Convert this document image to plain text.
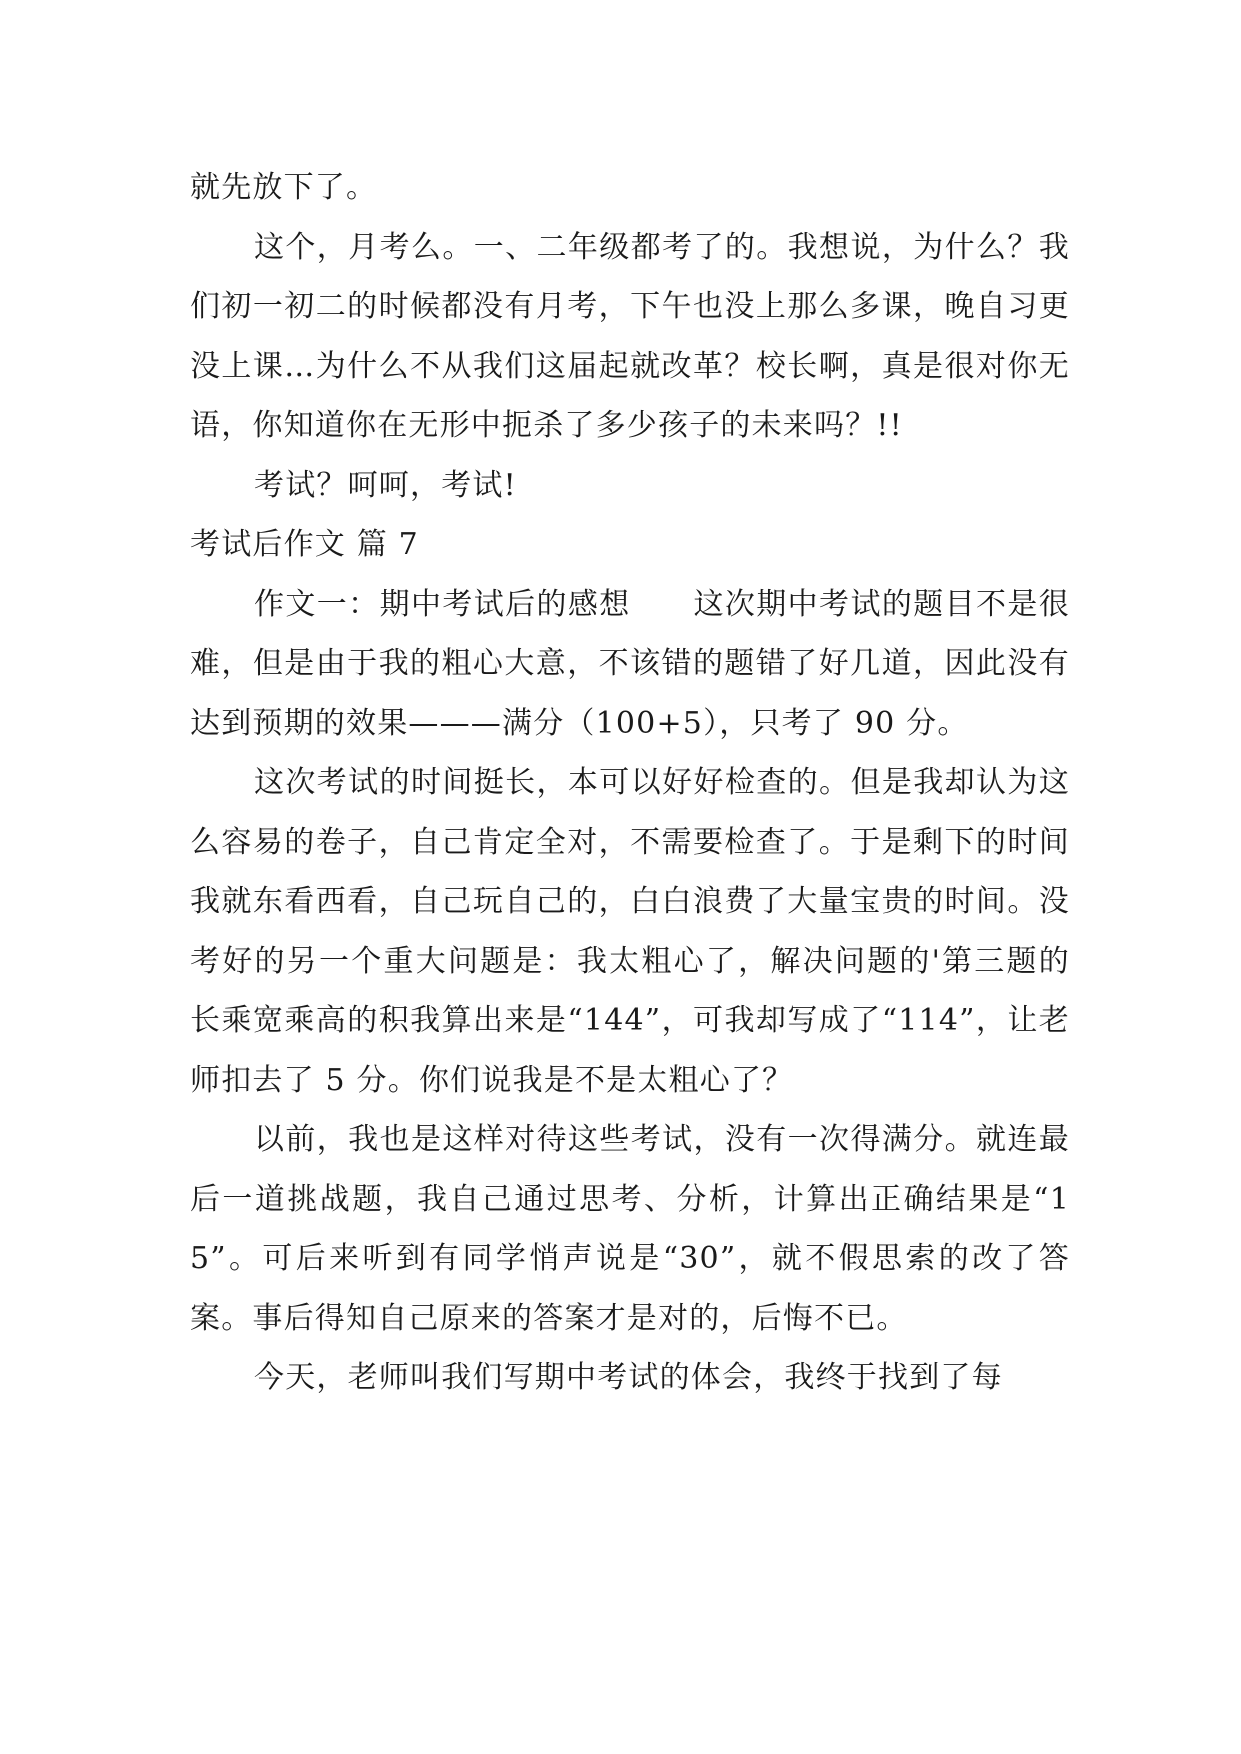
就先放下了。

这个，月考么。一、二年级都考了的。我想说，为什么？我们初一初二的时候都没有月考，下午也没上那么多课，晚自习更没上课…为什么不从我们这届起就改革？校长啊，真是很对你无语，你知道你在无形中扼杀了多少孩子的未来吗？!!

考试？呵呵，考试!

考试后作文 篇 7

作文一：期中考试后的感想　　这次期中考试的题目不是很难，但是由于我的粗心大意，不该错的题错了好几道，因此没有达到预期的效果———满分（100+5），只考了 90 分。

这次考试的时间挺长，本可以好好检查的。但是我却认为这么容易的卷子，自己肯定全对，不需要检查了。于是剩下的时间我就东看西看，自己玩自己的，白白浪费了大量宝贵的时间。没考好的另一个重大问题是：我太粗心了，解决问题的'第三题的长乘宽乘高的积我算出来是“144”，可我却写成了“114”，让老师扣去了 5 分。你们说我是不是太粗心了？

以前，我也是这样对待这些考试，没有一次得满分。就连最后一道挑战题，我自己通过思考、分析，计算出正确结果是“15”。可后来听到有同学悄声说是“30”，就不假思索的改了答案。事后得知自己原来的答案才是对的，后悔不已。

今天，老师叫我们写期中考试的体会，我终于找到了每
